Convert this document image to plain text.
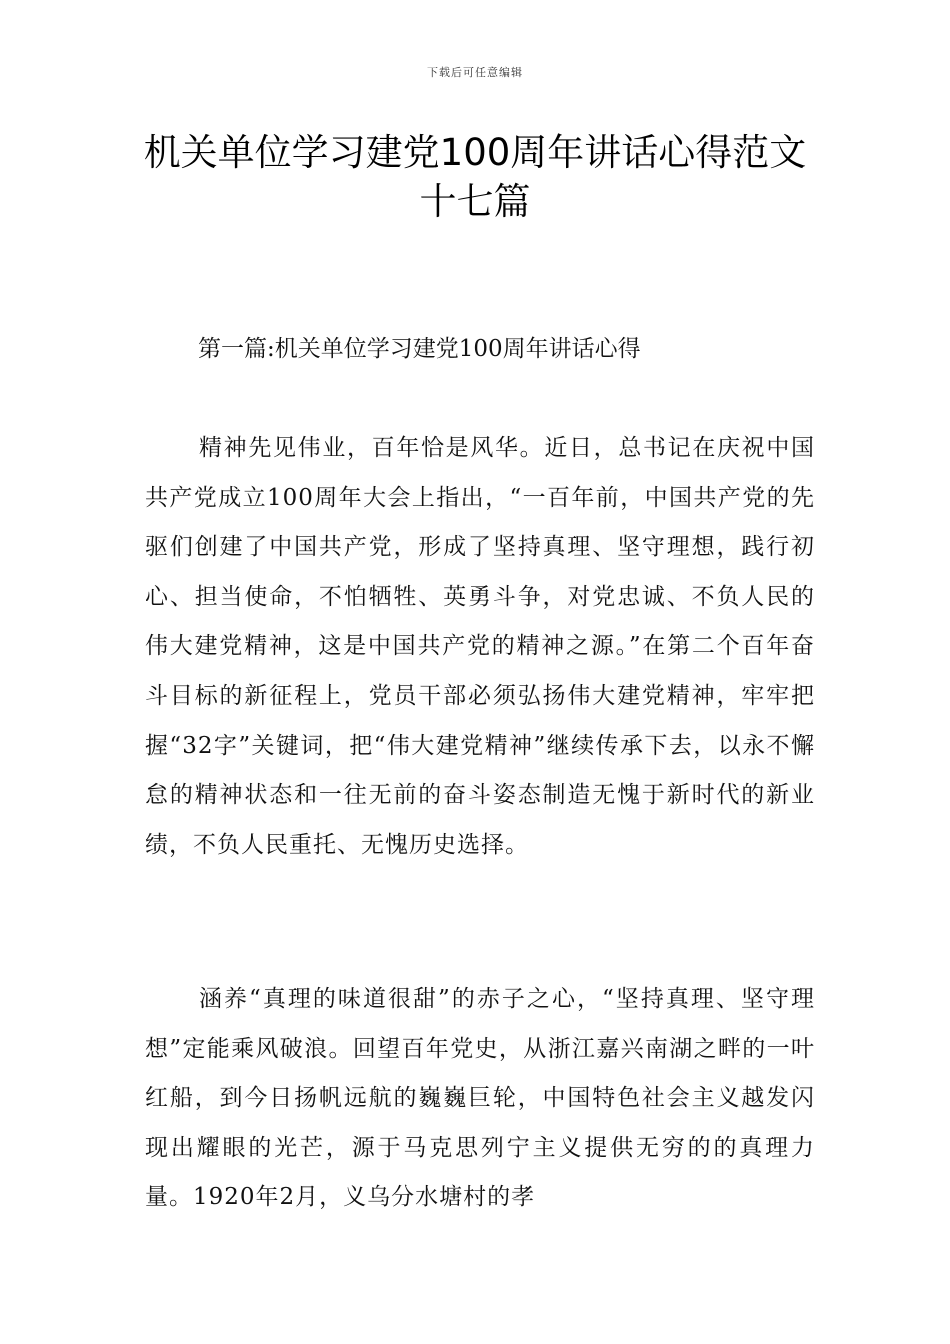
下载后可任意编辑
机关单位学习建党100周年讲话心得范文
十七篇
第一篇:机关单位学习建党100周年讲话心得

精神先见伟业，百年恰是风华。近日，总书记在庆祝中国共产党成立100周年大会上指出，“一百年前，中国共产党的先驱们创建了中国共产党，形成了坚持真理、坚守理想，践行初心、担当使命，不怕牺牲、英勇斗争，对党忠诚、不负人民的伟大建党精神，这是中国共产党的精神之源。”在第二个百年奋斗目标的新征程上，党员干部必须弘扬伟大建党精神，牢牢把握“32字”关键词，把“伟大建党精神”继续传承下去，以永不懈怠的精神状态和一往无前的奋斗姿态制造无愧于新时代的新业绩，不负人民重托、无愧历史选择。

涵养“真理的味道很甜”的赤子之心，“坚持真理、坚守理想”定能乘风破浪。回望百年党史，从浙江嘉兴南湖之畔的一叶红船，到今日扬帆远航的巍巍巨轮，中国特色社会主义越发闪现出耀眼的光芒，源于马克思列宁主义提供无穷的的真理力量。1920年2月，义乌分水塘村的孝
